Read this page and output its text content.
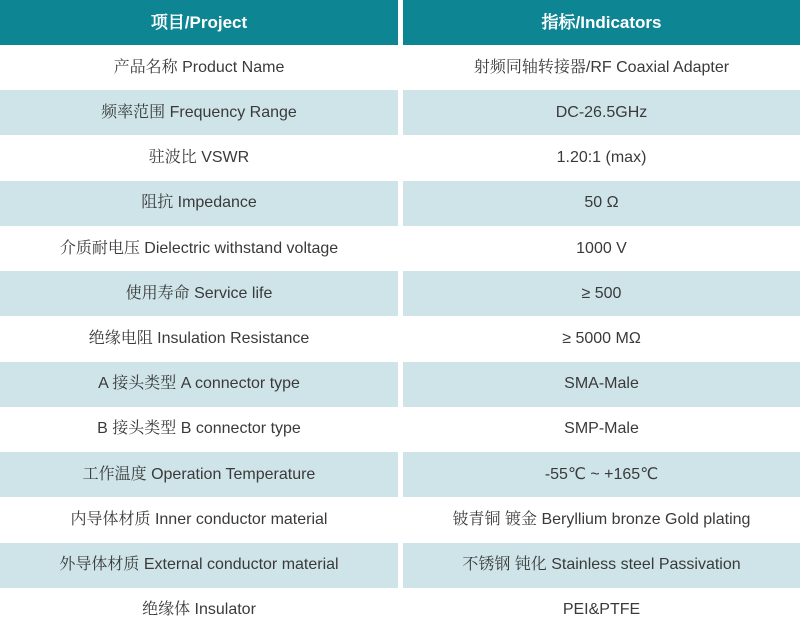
项目/Project	指标/Indicators
产品名称 Product Name	射频同轴转接器/RF Coaxial Adapter
频率范围 Frequency Range	DC-26.5GHz
驻波比 VSWR	1.20:1 (max)
阻抗 Impedance	50 Ω
介质耐电压 Dielectric withstand voltage	1000 V
使用寿命 Service life	≥ 500
绝缘电阻 Insulation Resistance	≥ 5000 MΩ
A 接头类型 A connector type	SMA-Male
B 接头类型 B connector type	SMP-Male
工作温度 Operation Temperature	-55℃ ~ +165℃
内导体材质 Inner conductor material	铍青铜 镀金 Beryllium bronze Gold plating
外导体材质 External conductor material	不锈钢 钝化 Stainless steel Passivation
绝缘体 Insulator	PEI&PTFE
